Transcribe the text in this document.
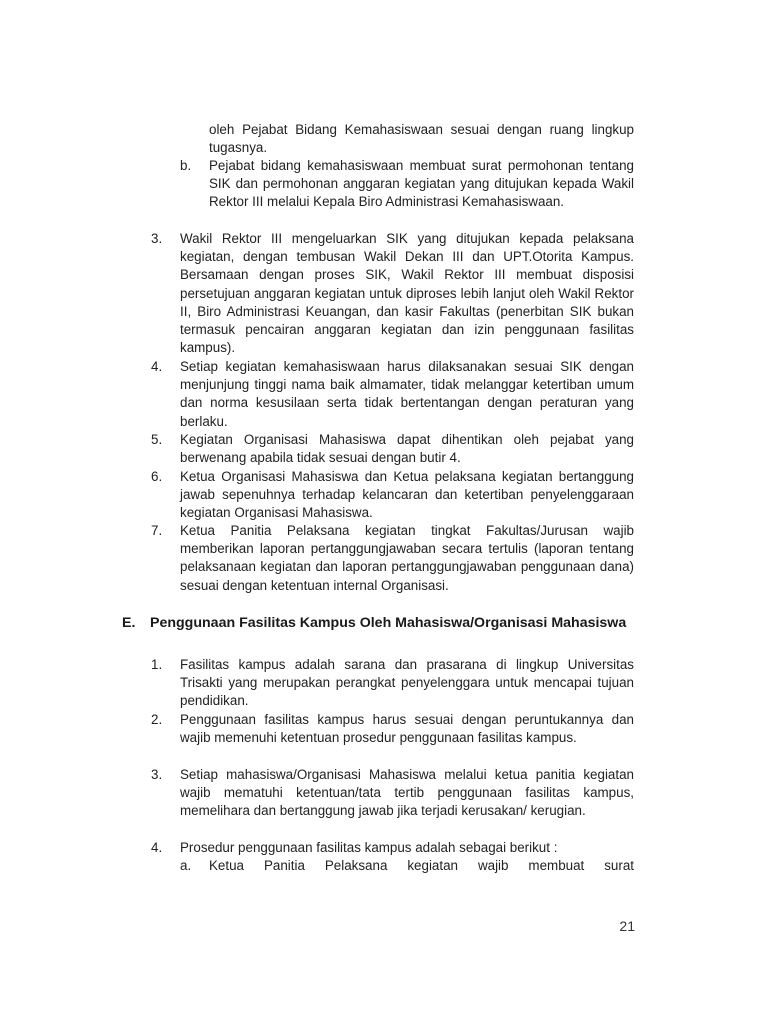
oleh Pejabat Bidang Kemahasiswaan sesuai dengan ruang lingkup tugasnya.
b. Pejabat bidang kemahasiswaan membuat surat permohonan tentang SIK dan permohonan anggaran kegiatan yang ditujukan kepada Wakil Rektor III melalui Kepala Biro Administrasi Kemahasiswaan.
3. Wakil Rektor III mengeluarkan SIK yang ditujukan kepada pelaksana kegiatan, dengan tembusan Wakil Dekan III dan UPT.Otorita Kampus. Bersamaan dengan proses SIK, Wakil Rektor III membuat disposisi persetujuan anggaran kegiatan untuk diproses lebih lanjut oleh Wakil Rektor II, Biro Administrasi Keuangan, dan kasir Fakultas (penerbitan SIK bukan termasuk pencairan anggaran kegiatan dan izin penggunaan fasilitas kampus).
4. Setiap kegiatan kemahasiswaan harus dilaksanakan sesuai SIK dengan menjunjung tinggi nama baik almamater, tidak melanggar ketertiban umum dan norma kesusilaan serta tidak bertentangan dengan peraturan yang berlaku.
5. Kegiatan Organisasi Mahasiswa dapat dihentikan oleh pejabat yang berwenang apabila tidak sesuai dengan butir 4.
6. Ketua Organisasi Mahasiswa dan Ketua pelaksana kegiatan bertanggung jawab sepenuhnya terhadap kelancaran dan ketertiban penyelenggaraan kegiatan Organisasi Mahasiswa.
7. Ketua Panitia Pelaksana kegiatan tingkat Fakultas/Jurusan wajib memberikan laporan pertanggungjawaban secara tertulis (laporan tentang pelaksanaan kegiatan dan laporan pertanggungjawaban penggunaan dana) sesuai dengan ketentuan internal Organisasi.
E. Penggunaan Fasilitas Kampus Oleh Mahasiswa/Organisasi Mahasiswa
1. Fasilitas kampus adalah sarana dan prasarana di lingkup Universitas Trisakti yang merupakan perangkat penyelenggara untuk mencapai tujuan pendidikan.
2. Penggunaan fasilitas kampus harus sesuai dengan peruntukannya dan wajib memenuhi ketentuan prosedur penggunaan fasilitas kampus.
3. Setiap mahasiswa/Organisasi Mahasiswa melalui ketua panitia kegiatan wajib mematuhi ketentuan/tata tertib penggunaan fasilitas kampus, memelihara dan bertanggung jawab jika terjadi kerusakan/ kerugian.
4. Prosedur penggunaan fasilitas kampus adalah sebagai berikut :
a. Ketua Panitia Pelaksana kegiatan wajib membuat surat
21
